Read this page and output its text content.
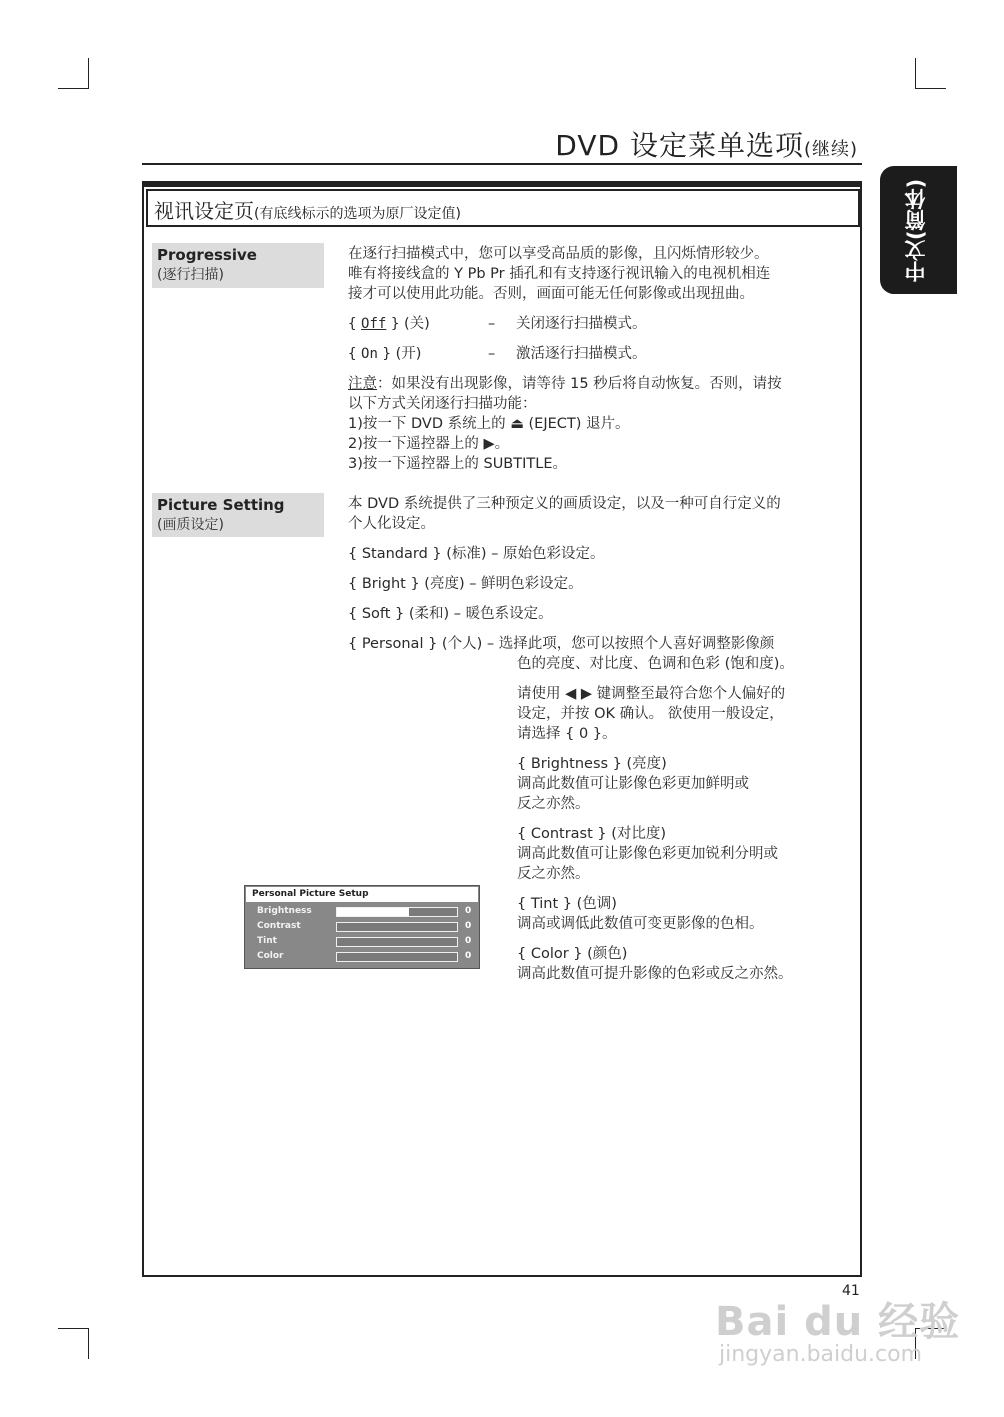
DVD 设定菜单选项(继续)
中文(简体)
视讯设定页(有底线标示的选项为原厂设定值)
Progressive
(逐行扫描)
在逐行扫描模式中，您可以享受高品质的影像，且闪烁情形较少。
唯有将接线盒的 Y Pb Pr 插孔和有支持逐行视讯输入的电视机相连
接才可以使用此功能。否则，画面可能无任何影像或出现扭曲。
{ Off } (关)	– 关闭逐行扫描模式。
{ On } (开)	– 激活逐行扫描模式。
注意：如果没有出现影像，请等待 15 秒后将自动恢复。否则，请按
以下方式关闭逐行扫描功能：
1)按一下 DVD 系统上的 ⏏ (EJECT) 退片。
2)按一下遥控器上的 ▶。
3)按一下遥控器上的 SUBTITLE。
Picture Setting
(画质设定)
本 DVD 系统提供了三种预定义的画质设定，以及一种可自行定义的
个人化设定。
{ Standard } (标准) – 原始色彩设定。
{ Bright } (亮度) – 鲜明色彩设定。
{ Soft } (柔和) – 暖色系设定。
{ Personal } (个人) – 选择此项，您可以按照个人喜好调整影像颜
色的亮度、对比度、色调和色彩 (饱和度)。
请使用 ◀ ▶ 键调整至最符合您个人偏好的
设定，并按 OK 确认。 欲使用一般设定，
请选择 { 0 }。
{ Brightness } (亮度)
调高此数值可让影像色彩更加鲜明或
反之亦然。
{ Contrast } (对比度)
调高此数值可让影像色彩更加锐利分明或
反之亦然。
{ Tint } (色调)
调高或调低此数值可变更影像的色相。
{ Color } (颜色)
调高此数值可提升影像的色彩或反之亦然。
Personal Picture Setup
Brightness	0
Contrast	0
Tint	0
Color	0
41
Bai du 经验
jingyan.baidu.com
